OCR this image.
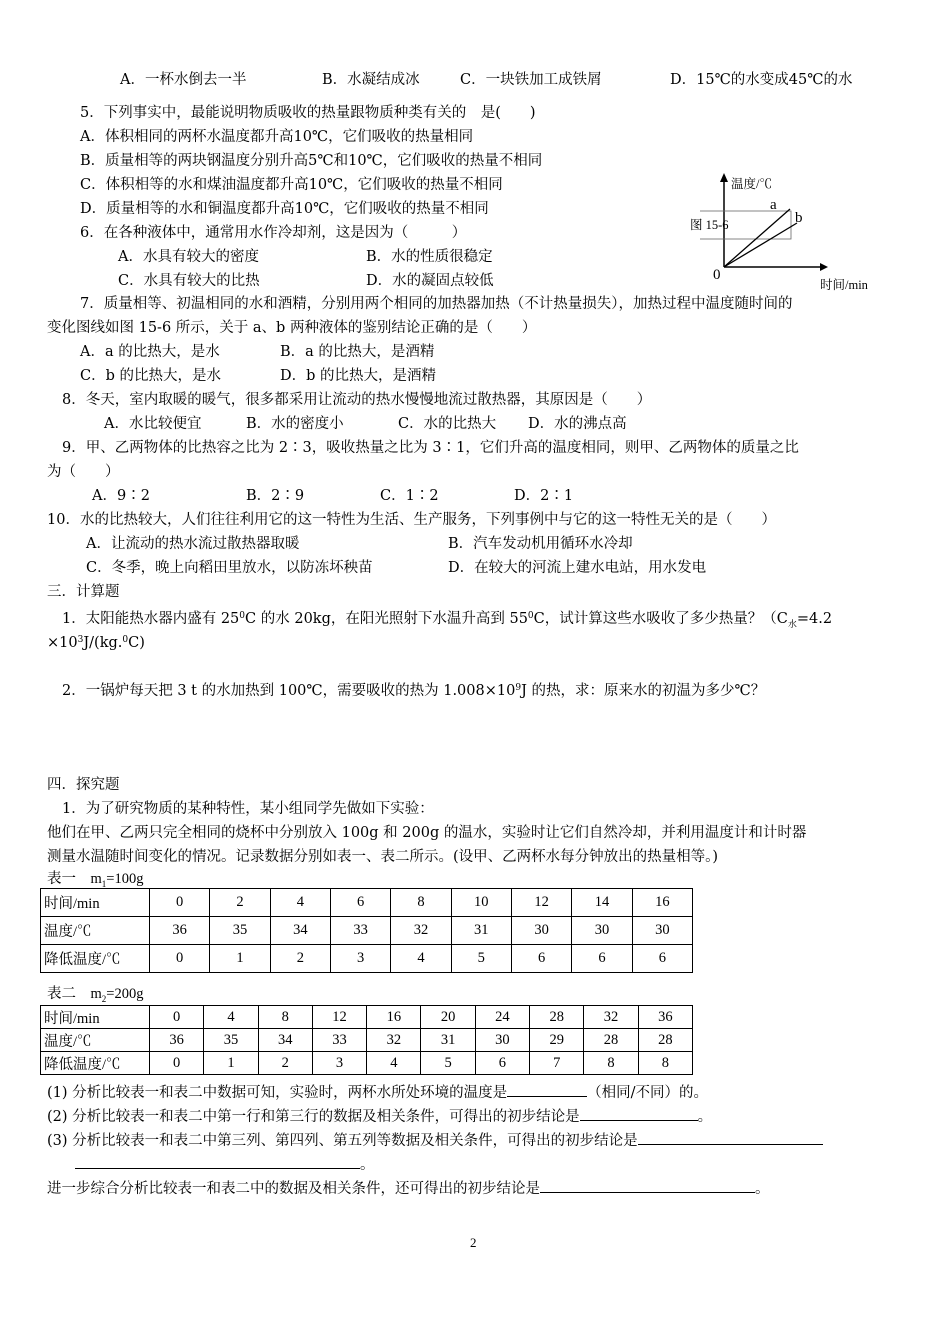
A．一杯水倒去一半	B．水凝结成冰	C．一块铁加工成铁屑	D．15℃的水变成45℃的水
5．下列事实中，最能说明物质吸收的热量跟物质种类有关的　是(　　)
A．体积相同的两杯水温度都升高10℃，它们吸收的热量相同
B．质量相等的两块钢温度分别升高5℃和10℃，它们吸收的热量不相同
C．体积相等的水和煤油温度都升高10℃，它们吸收的热量不相同
D．质量相等的水和铜温度都升高10℃，它们吸收的热量不相同
6．在各种液体中，通常用水作冷却剂，这是因为（　　　）
A．水具有较大的密度	B．水的性质很稳定
C．水具有较大的比热	D．水的凝固点较低
温度/℃
时间/min
0
图 15-6
a
b
7．质量相等、初温相同的水和酒精，分别用两个相同的加热器加热（不计热量损失），加热过程中温度随时间的
变化图线如图 15-6 所示，关于 a、b 两种液体的鉴别结论正确的是（　　）
A．a 的比热大，是水	B．a 的比热大，是酒精
C．b 的比热大，是水	D．b 的比热大，是酒精
8．冬天，室内取暖的暖气，很多都采用让流动的热水慢慢地流过散热器，其原因是（　　）
A．水比较便宜	B．水的密度小	C．水的比热大 D．水的沸点高
9．甲、乙两物体的比热容之比为 2∶3，吸收热量之比为 3∶1，它们升高的温度相同，则甲、乙两物体的质量之比
为（　　）
A．9∶2	B．2∶9	C．1∶2	D．2∶1
10．水的比热较大，人们往往利用它的这一特性为生活、生产服务，下列事例中与它的这一特性无关的是（　　）
A．让流动的热水流过散热器取暖	B．汽车发动机用循环水冷却
C．冬季，晚上向稻田里放水，以防冻坏秧苗	D．在较大的河流上建水电站，用水发电
三．计算题
1．太阳能热水器内盛有 $25^0C$ 的水 20kg，在阳光照射下水温升高到 $55^0C$，试计算这些水吸收了多少热量？（$C_水=4.2$
$\times 10^3J/(kg.^0C)$
2．一锅炉每天把 3 t 的水加热到 100℃，需要吸收的热为 $1.008\times 10^9J$ 的热，求：原来水的初温为多少℃？
四．探究题
1．为了研究物质的某种特性，某小组同学先做如下实验：
他们在甲、乙两只完全相同的烧杯中分别放入 100g 和 200g 的温水，实验时让它们自然冷却，并利用温度计和计时器
测量水温随时间变化的情况。记录数据分别如表一、表二所示。(设甲、乙两杯水每分钟放出的热量相等。)
表一　$m_1=100g$
时间/min	0	2	4	6	8	10	12	14	16
温度/℃	36	35	34	33	32	31	30	30	30
降低温度/℃	0	1	2	3	4	5	6	6	6
表二　$m_2=200g$
时间/min	0	4	8	12	16	20	24	28	32	36
温度/℃	36	35	34	33	32	31	30	29	28	28
降低温度/℃	0	1	2	3	4	5	6	7	8	8
(1) 分析比较表一和表二中数据可知，实验时，两杯水所处环境的温度是	（相同/不同）的。
(2) 分析比较表一和表二中第一行和第三行的数据及相关条件，可得出的初步结论是	。
(3) 分析比较表一和表二中第三列、第四列、第五列等数据及相关条件，可得出的初步结论是
。
进一步综合分析比较表一和表二中的数据及相关条件，还可得出的初步结论是	。
2
